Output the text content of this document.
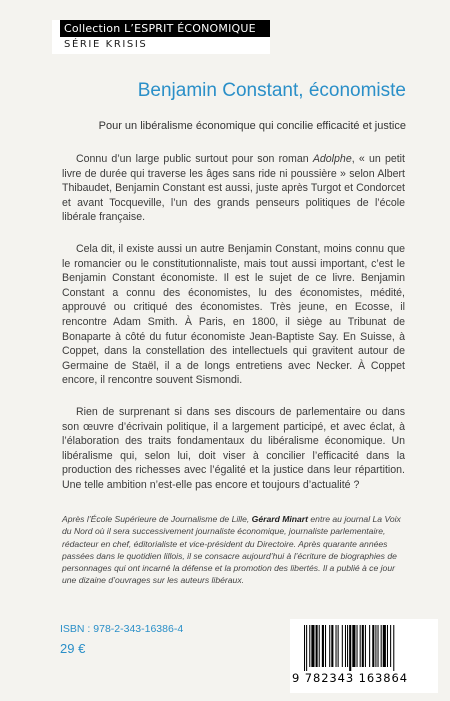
Collection L’ESPRIT ÉCONOMIQUE
SÉRIE KRISIS
Benjamin Constant, économiste
Pour un libéralisme économique qui concilie efficacité et justice

Connu d’un large public surtout pour son roman Adolphe, « un petit livre de durée qui traverse les âges sans ride ni poussière » selon Albert Thibaudet, Benjamin Constant est aussi, juste après Turgot et Condorcet et avant Tocqueville, l’un des grands penseurs politiques de l’école libérale française.

Cela dit, il existe aussi un autre Benjamin Constant, moins connu que le romancier ou le constitutionnaliste, mais tout aussi important, c’est le Benjamin Constant économiste. Il est le sujet de ce livre. Benjamin Constant a connu des économistes, lu des économistes, médité, approuvé ou critiqué des économistes. Très jeune, en Ecosse, il rencontre Adam Smith. À Paris, en 1800, il siège au Tribunat de Bonaparte à côté du futur économiste Jean-Baptiste Say. En Suisse, à Coppet, dans la constellation des intellectuels qui gravitent autour de Germaine de Staël, il a de longs entretiens avec Necker. À Coppet encore, il rencontre souvent Sismondi.

Rien de surprenant si dans ses discours de parlementaire ou dans son œuvre d’écrivain politique, il a largement participé, et avec éclat, à l’élaboration des traits fondamentaux du libéralisme économique. Un libéralisme qui, selon lui, doit viser à concilier l’efficacité dans la production des richesses avec l’égalité et la justice dans leur répartition. Une telle ambition n’est-elle pas encore et toujours d’actualité ?

Après l’École Supérieure de Journalisme de Lille, Gérard Minart entre au journal La Voix du Nord où il sera successivement journaliste économique, journaliste parlementaire, rédacteur en chef, éditorialiste et vice-président du Directoire. Après quarante années passées dans le quotidien lillois, il se consacre aujourd’hui à l’écriture de biographies de personnages qui ont incarné la défense et la promotion des libertés. Il a publié à ce jour une dizaine d’ouvrages sur les auteurs libéraux.
ISBN : 978-2-343-16386-4
29 €
9 782343 163864
